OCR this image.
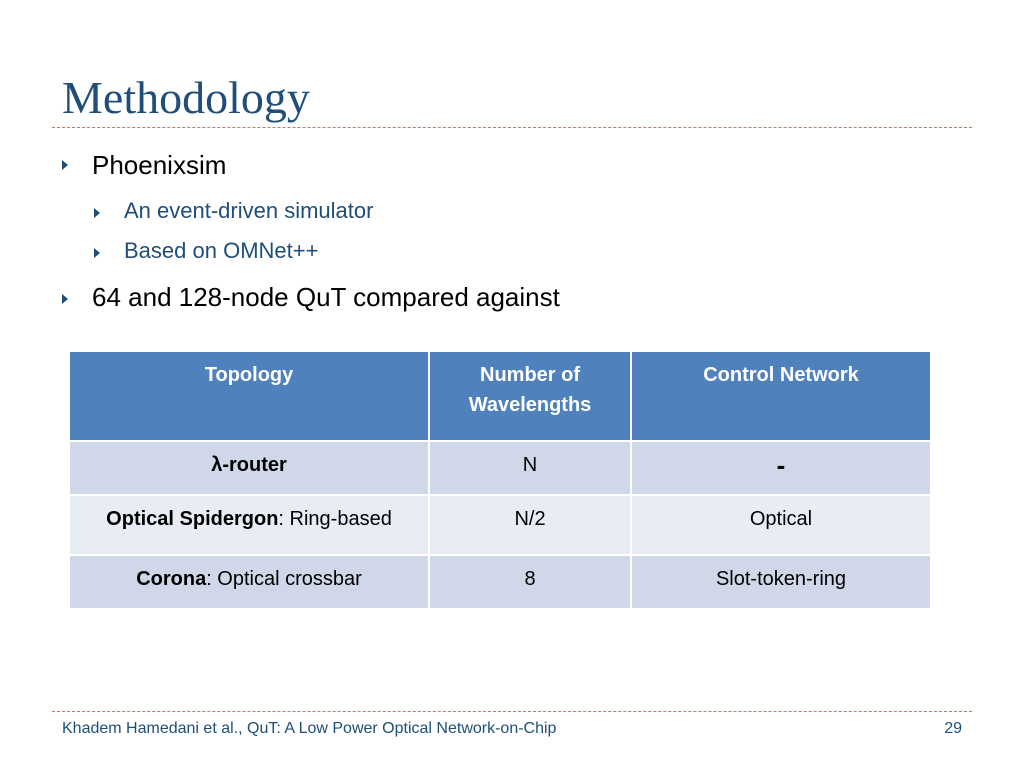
Methodology
Phoenixsim
An event-driven simulator
Based on OMNet++
64 and 128-node QuT compared against
Topology	Number of Wavelengths	Control Network
λ-router	N	-
Optical Spidergon: Ring-based	N/2	Optical
Corona: Optical crossbar	8	Slot-token-ring
Khadem Hamedani et al., QuT: A Low Power Optical Network-on-Chip	29
